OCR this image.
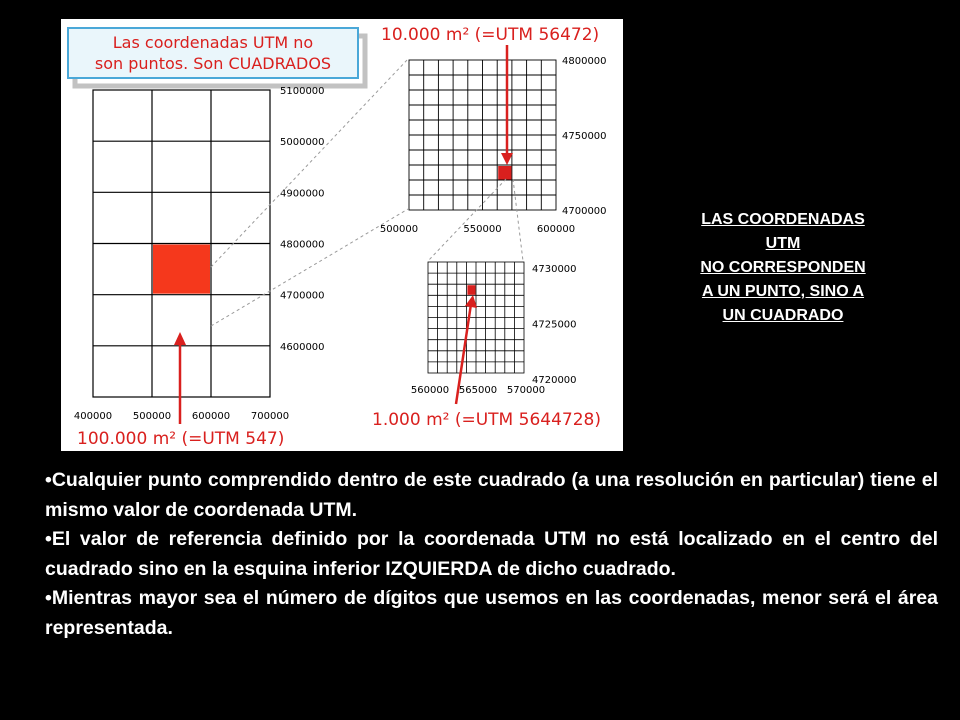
Las coordenadas UTM no
son puntos. Son CUADRADOS
5100000
5000000
4900000
4800000
4700000
4600000
400000 500000 600000 700000
4800000
4750000
4700000
500000	550000	600000
4730000
4725000
4720000
560000 565000 570000
10.000 m² (=UTM 56472)
100.000 m² (=UTM 547)
1.000 m² (=UTM 5644728)
LAS COORDENADAS
UTM
NO CORRESPONDEN
A UN PUNTO, SINO A
UN CUADRADO

•Cualquier punto comprendido dentro de este cuadrado (a una resolución en particular) tiene el mismo valor de coordenada UTM.

•El valor de referencia definido por la coordenada UTM no está localizado en el centro del cuadrado sino en la esquina inferior IZQUIERDA de dicho cuadrado.

•Mientras mayor sea el número de dígitos que usemos en las coordenadas, menor será el área representada.
